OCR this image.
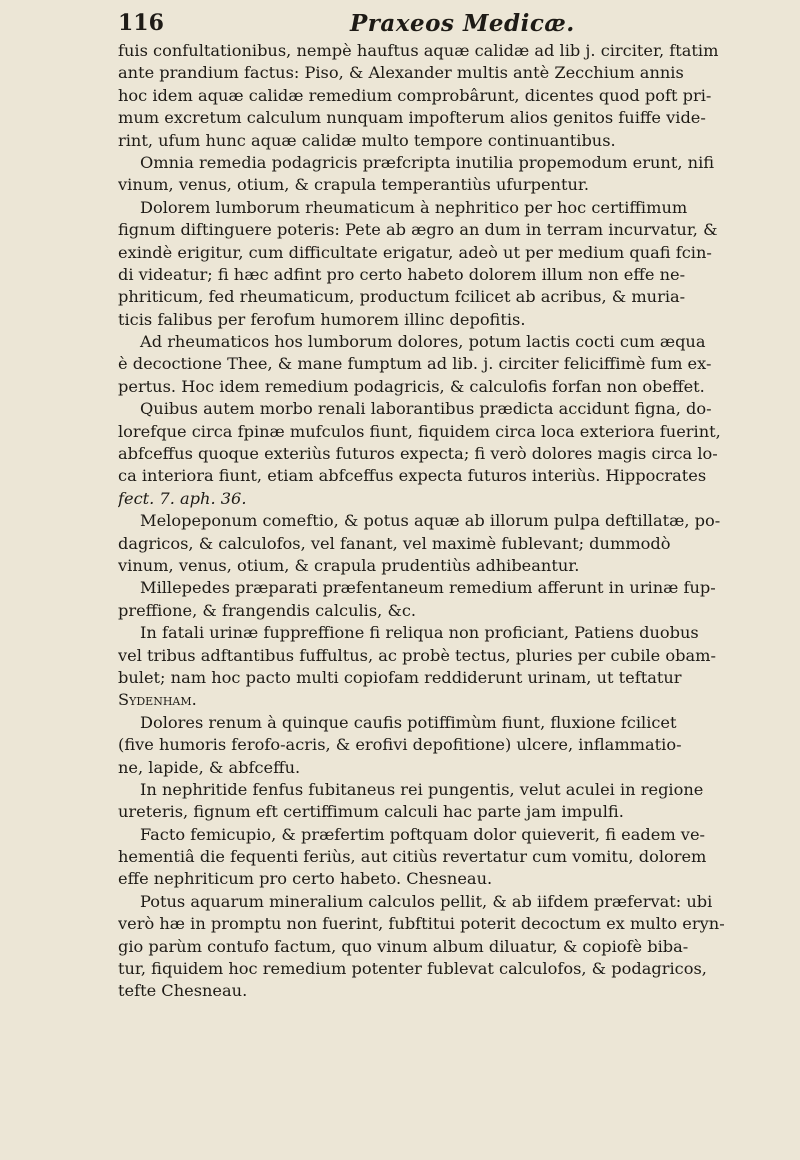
116	Praxeos Medicæ.
fuis confultationibus, nempè hauftus aquæ calidæ ad lib j. circiter, ftatim
ante prandium factus: Piso, & Alexander multis antè Zecchium annis
hoc idem aquæ calidæ remedium comprobârunt, dicentes quod poft pri-
mum excretum calculum nunquam impofterum alios genitos fuiffe vide-
rint, ufum hunc aquæ calidæ multo tempore continuantibus.
Omnia remedia podagricis præfcripta inutilia propemodum erunt, nifi
vinum, venus, otium, & crapula temperantiùs ufurpentur.
Dolorem lumborum rheumaticum à nephritico per hoc certiffimum
fignum diftinguere poteris: Pete ab ægro an dum in terram incurvatur, &
exindè erigitur, cum difficultate erigatur, adeò ut per medium quafi fcin-
di videatur; fi hæc adfint pro certo habeto dolorem illum non effe ne-
phriticum, fed rheumaticum, productum fcilicet ab acribus, & muria-
ticis falibus per ferofum humorem illinc depofitis.
Ad rheumaticos hos lumborum dolores, potum lactis cocti cum æqua
è decoctione Thee, & mane fumptum ad lib. j. circiter feliciffimè fum ex-
pertus. Hoc idem remedium podagricis, & calculofis forfan non obeffet.
Quibus autem morbo renali laborantibus prædicta accidunt figna, do-
lorefque circa fpinæ mufculos fiunt, fiquidem circa loca exteriora fuerint,
abfceffus quoque exteriùs futuros expecta; fi verò dolores magis circa lo-
ca interiora fiunt, etiam abfceffus expecta futuros interiùs. Hippocrates
fect. 7. aph. 36.
Melopeponum comeftio, & potus aquæ ab illorum pulpa deftillatæ, po-
dagricos, & calculofos, vel fanant, vel maximè fublevant; dummodò
vinum, venus, otium, & crapula prudentiùs adhibeantur.
Millepedes præparati præfentaneum remedium afferunt in urinæ fup-
preffione, & frangendis calculis, &c.
In fatali urinæ fuppreffione fi reliqua non proficiant, Patiens duobus
vel tribus adftantibus fuffultus, ac probè tectus, pluries per cubile obam-
bulet; nam hoc pacto multi copiofam reddiderunt urinam, ut teftatur
Sydenham.
Dolores renum à quinque caufis potiffimùm fiunt, fluxione fcilicet
(five humoris ferofo-acris, & erofivi depofitione) ulcere, inflammatio-
ne, lapide, & abfceffu.
In nephritide fenfus fubitaneus rei pungentis, velut aculei in regione
ureteris, fignum eft certiffimum calculi hac parte jam impulfi.
Facto femicupio, & præfertim poftquam dolor quieverit, fi eadem ve-
hementiâ die fequenti feriùs, aut citiùs revertatur cum vomitu, dolorem
effe nephriticum pro certo habeto. Chesneau.
Potus aquarum mineralium calculos pellit, & ab iifdem præfervat: ubi
verò hæ in promptu non fuerint, fubftitui poterit decoctum ex multo eryn-
gio parùm contufo factum, quo vinum album diluatur, & copiofè biba-
tur, fiquidem hoc remedium potenter fublevat calculofos, & podagricos,
tefte Chesneau.
